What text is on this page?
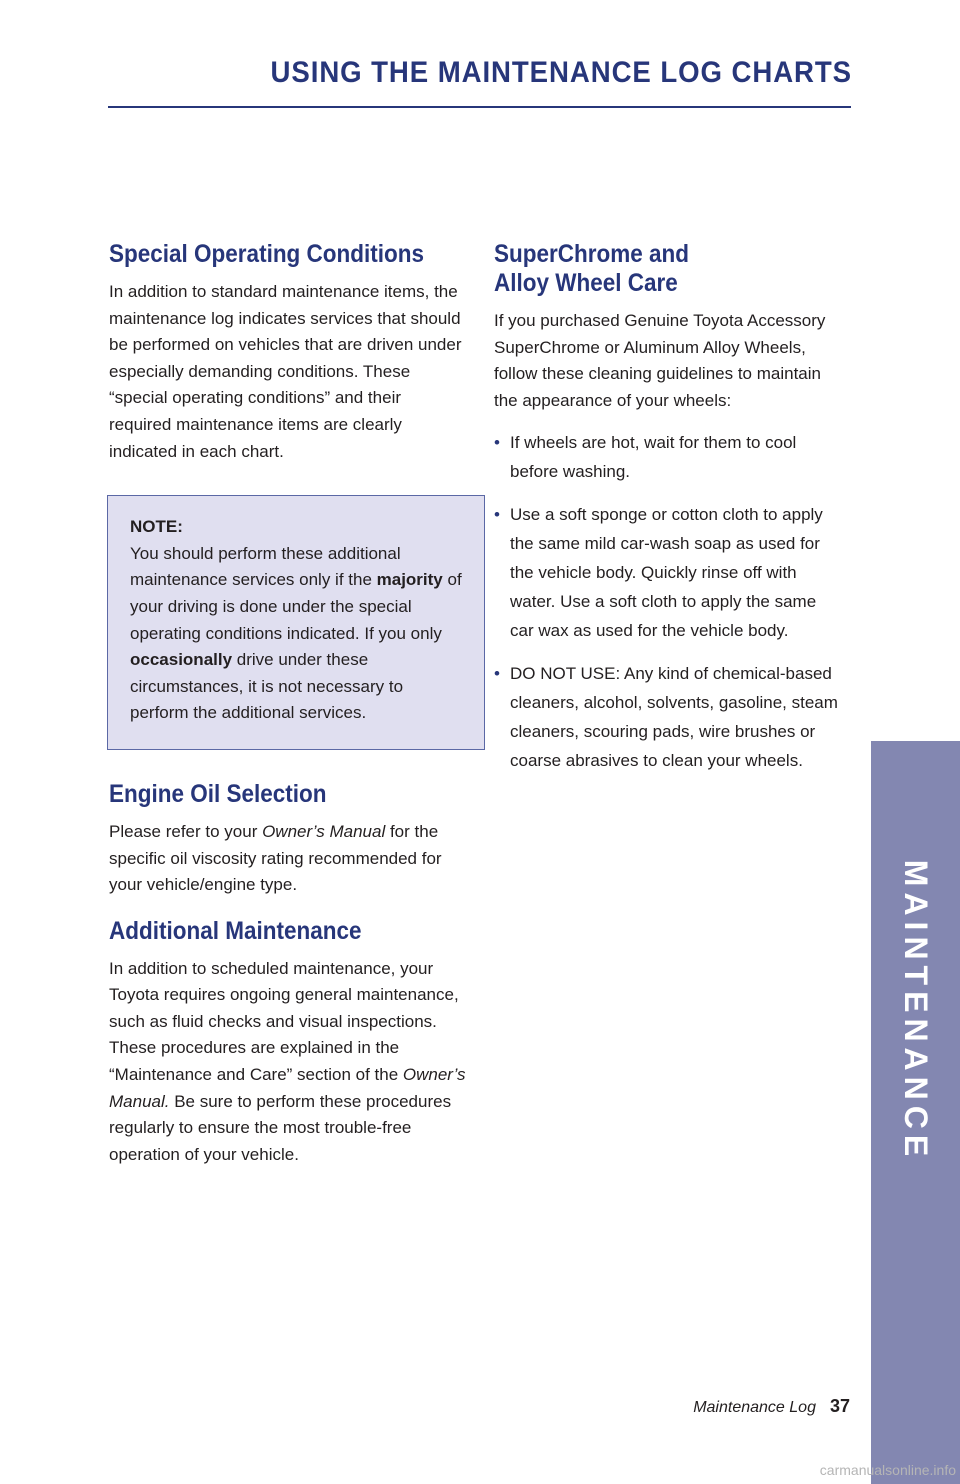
USING THE MAINTENANCE LOG CHARTS
Special Operating Conditions

In addition to standard maintenance items, the maintenance log indicates services that should be performed on vehicles that are driven under especially demanding conditions. These “special operating conditions” and their required maintenance items are clearly indicated in each chart.

NOTE:
You should perform these additional maintenance services only if the majority of your driving is done under the special operating conditions indicated. If you only occasionally drive under these circumstances, it is not necessary to perform the additional services.
Engine Oil Selection

Please refer to your Owner’s Manual for the specific oil viscosity rating recommended for your vehicle/engine type.

Additional Maintenance

In addition to scheduled maintenance, your Toyota requires ongoing general maintenance, such as fluid checks and visual inspections. These procedures are explained in the “Maintenance and Care” section of the Owner’s Manual. Be sure to perform these procedures regularly to ensure the most trouble-free operation of your vehicle.

SuperChrome and
Alloy Wheel Care

If you purchased Genuine Toyota Accessory SuperChrome or Aluminum Alloy Wheels, follow these cleaning guidelines to maintain the appearance of your wheels:

• If wheels are hot, wait for them to cool before washing.
• Use a soft sponge or cotton cloth to apply the same mild car-wash soap as used for the vehicle body. Quickly rinse off with water. Use a soft cloth to apply the same car wax as used for the vehicle body.
• DO NOT USE: Any kind of chemical-based cleaners, alcohol, solvents, gasoline, steam cleaners, scouring pads, wire brushes or coarse abrasives to clean your wheels.
MAINTENANCE
Maintenance Log 37
carmanualsonline.info
